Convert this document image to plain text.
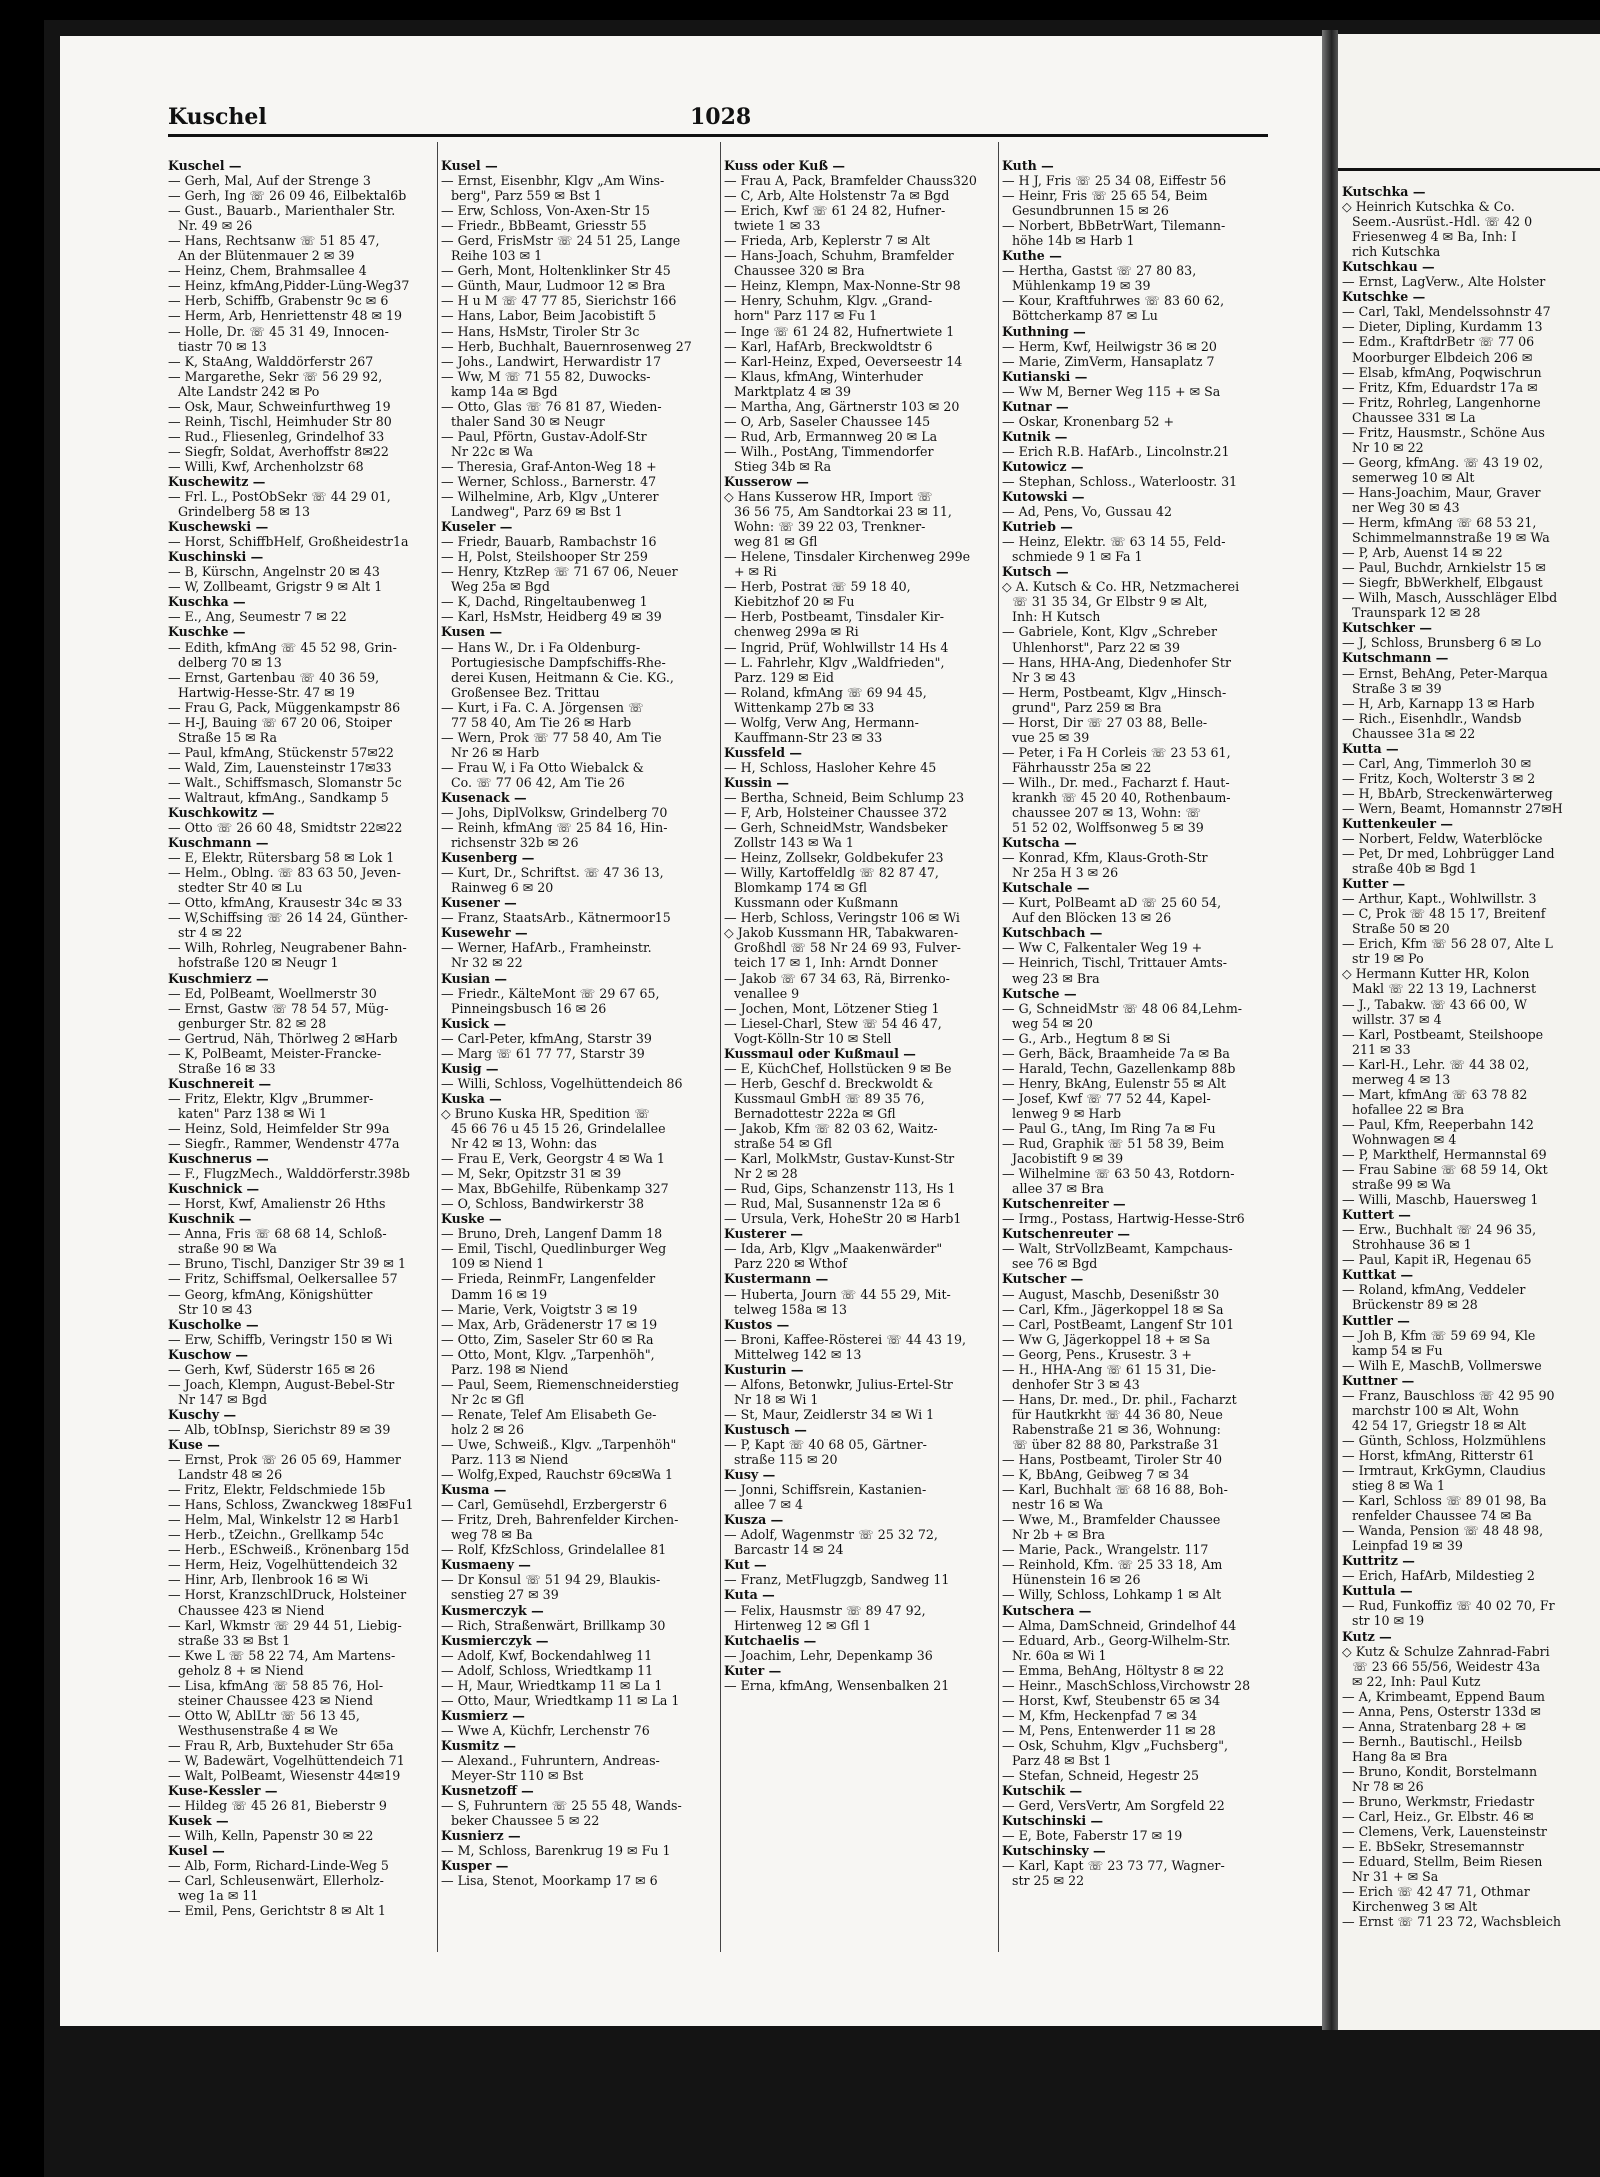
Kuschel	1028
Kuschel —
— Gerh, Mal, Auf der Strenge 3
— Gerh, Ing ☏ 26 09 46, Eilbektal6b
— Gust., Bauarb., Marienthaler Str.
Nr. 49 ✉ 26
— Hans, Rechtsanw ☏ 51 85 47,
An der Blütenmauer 2 ✉ 39
— Heinz, Chem, Brahmsallee 4
— Heinz, kfmAng,Pidder-Lüng-Weg37
— Herb, Schiffb, Grabenstr 9c ✉ 6
— Herm, Arb, Henriettenstr 48 ✉ 19
— Holle, Dr. ☏ 45 31 49, Innocen-
tiastr 70 ✉ 13
— K, StaAng, Walddörferstr 267
— Margarethe, Sekr ☏ 56 29 92,
Alte Landstr 242 ✉ Po
— Osk, Maur, Schweinfurthweg 19
— Reinh, Tischl, Heimhuder Str 80
— Rud., Fliesenleg, Grindelhof 33
— Siegfr, Soldat, Averhoffstr 8✉22
— Willi, Kwf, Archenholzstr 68
Kuschewitz —
— Frl. L., PostObSekr ☏ 44 29 01,
Grindelberg 58 ✉ 13
Kuschewski —
— Horst, SchiffbHelf, Großheidestr1a
Kuschinski —
— B, Kürschn, Angelnstr 20 ✉ 43
— W, Zollbeamt, Grigstr 9 ✉ Alt 1
Kuschka —
— E., Ang, Seumestr 7 ✉ 22
Kuschke —
— Edith, kfmAng ☏ 45 52 98, Grin-
delberg 70 ✉ 13
— Ernst, Gartenbau ☏ 40 36 59,
Hartwig-Hesse-Str. 47 ✉ 19
— Frau G, Pack, Müggenkampstr 86
— H-J, Bauing ☏ 67 20 06, Stoiper
Straße 15 ✉ Ra
— Paul, kfmAng, Stückenstr 57✉22
— Wald, Zim, Lauensteinstr 17✉33
— Walt., Schiffsmasch, Slomanstr 5c
— Waltraut, kfmAng., Sandkamp 5
Kuschkowitz —
— Otto ☏ 26 60 48, Smidtstr 22✉22
Kuschmann —
— E, Elektr, Rütersbarg 58 ✉ Lok 1
— Helm., Oblng. ☏ 83 63 50, Jeven-
stedter Str 40 ✉ Lu
— Otto, kfmAng, Krausestr 34c ✉ 33
— W,Schiffsing ☏ 26 14 24, Günther-
str 4 ✉ 22
— Wilh, Rohrleg, Neugrabener Bahn-
hofstraße 120 ✉ Neugr 1
Kuschmierz —
— Ed, PolBeamt, Woellmerstr 30
— Ernst, Gastw ☏ 78 54 57, Müg-
genburger Str. 82 ✉ 28
— Gertrud, Näh, Thörlweg 2 ✉Harb
— K, PolBeamt, Meister-Francke-
Straße 16 ✉ 33
Kuschnereit —
— Fritz, Elektr, Klgv „Brummer-
katen" Parz 138 ✉ Wi 1
— Heinz, Sold, Heimfelder Str 99a
— Siegfr., Rammer, Wendenstr 477a
Kuschnerus —
— F., FlugzMech., Walddörferstr.398b
Kuschnick —
— Horst, Kwf, Amalienstr 26 Hths
Kuschnik —
— Anna, Fris ☏ 68 68 14, Schloß-
straße 90 ✉ Wa
— Bruno, Tischl, Danziger Str 39 ✉ 1
— Fritz, Schiffsmal, Oelkersallee 57
— Georg, kfmAng, Königshütter
Str 10 ✉ 43
Kuscholke —
— Erw, Schiffb, Veringstr 150 ✉ Wi
Kuschow —
— Gerh, Kwf, Süderstr 165 ✉ 26
— Joach, Klempn, August-Bebel-Str
Nr 147 ✉ Bgd
Kuschy —
— Alb, tObInsp, Sierichstr 89 ✉ 39
Kuse —
— Ernst, Prok ☏ 26 05 69, Hammer
Landstr 48 ✉ 26
— Fritz, Elektr, Feldschmiede 15b
— Hans, Schloss, Zwanckweg 18✉Fu1
— Helm, Mal, Winkelstr 12 ✉ Harb1
— Herb., tZeichn., Grellkamp 54c
— Herb., ESchweiß., Krönenbarg 15d
— Herm, Heiz, Vogelhüttendeich 32
— Hinr, Arb, Ilenbrook 16 ✉ Wi
— Horst, KranzschlDruck, Holsteiner
Chaussee 423 ✉ Niend
— Karl, Wkmstr ☏ 29 44 51, Liebig-
straße 33 ✉ Bst 1
— Kwe L ☏ 58 22 74, Am Martens-
geholz 8 + ✉ Niend
— Lisa, kfmAng ☏ 58 85 76, Hol-
steiner Chaussee 423 ✉ Niend
— Otto W, AblLtr ☏ 56 13 45,
Westhusenstraße 4 ✉ We
— Frau R, Arb, Buxtehuder Str 65a
— W, Badewärt, Vogelhüttendeich 71
— Walt, PolBeamt, Wiesenstr 44✉19
Kuse-Kessler —
— Hildeg ☏ 45 26 81, Bieberstr 9
Kusek —
— Wilh, Kelln, Papenstr 30 ✉ 22
Kusel —
— Alb, Form, Richard-Linde-Weg 5
— Carl, Schleusenwärt, Ellerholz-
weg 1a ✉ 11
— Emil, Pens, Gerichtstr 8 ✉ Alt 1
Kusel —
— Ernst, Eisenbhr, Klgv „Am Wins-
berg", Parz 559 ✉ Bst 1
— Erw, Schloss, Von-Axen-Str 15
— Friedr., BbBeamt, Griesstr 55
— Gerd, FrisMstr ☏ 24 51 25, Lange
Reihe 103 ✉ 1
— Gerh, Mont, Holtenklinker Str 45
— Günth, Maur, Ludmoor 12 ✉ Bra
— H u M ☏ 47 77 85, Sierichstr 166
— Hans, Labor, Beim Jacobistift 5
— Hans, HsMstr, Tiroler Str 3c
— Herb, Buchhalt, Bauernrosenweg 27
— Johs., Landwirt, Herwardistr 17
— Ww, M ☏ 71 55 82, Duwocks-
kamp 14a ✉ Bgd
— Otto, Glas ☏ 76 81 87, Wieden-
thaler Sand 30 ✉ Neugr
— Paul, Pförtn, Gustav-Adolf-Str
Nr 22c ✉ Wa
— Theresia, Graf-Anton-Weg 18 +
— Werner, Schloss., Barnerstr. 47
— Wilhelmine, Arb, Klgv „Unterer
Landweg", Parz 69 ✉ Bst 1
Kuseler —
— Friedr, Bauarb, Rambachstr 16
— H, Polst, Steilshooper Str 259
— Henry, KtzRep ☏ 71 67 06, Neuer
Weg 25a ✉ Bgd
— K, Dachd, Ringeltaubenweg 1
— Karl, HsMstr, Heidberg 49 ✉ 39
Kusen —
— Hans W., Dr. i Fa Oldenburg-
Portugiesische Dampfschiffs-Rhe-
derei Kusen, Heitmann & Cie. KG.,
Großensee Bez. Trittau
— Kurt, i Fa. C. A. Jörgensen ☏
77 58 40, Am Tie 26 ✉ Harb
— Wern, Prok ☏ 77 58 40, Am Tie
Nr 26 ✉ Harb
— Frau W, i Fa Otto Wiebalck &
Co. ☏ 77 06 42, Am Tie 26
Kusenack —
— Johs, DiplVolksw, Grindelberg 70
— Reinh, kfmAng ☏ 25 84 16, Hin-
richsenstr 32b ✉ 26
Kusenberg —
— Kurt, Dr., Schriftst. ☏ 47 36 13,
Rainweg 6 ✉ 20
Kusener —
— Franz, StaatsArb., Kätnermoor15
Kusewehr —
— Werner, HafArb., Framheinstr.
Nr 32 ✉ 22
Kusian —
— Friedr., KälteMont ☏ 29 67 65,
Pinneingsbusch 16 ✉ 26
Kusick —
— Carl-Peter, kfmAng, Starstr 39
— Marg ☏ 61 77 77, Starstr 39
Kusig —
— Willi, Schloss, Vogelhüttendeich 86
Kuska —
◇ Bruno Kuska HR, Spedition ☏
45 66 76 u 45 15 26, Grindelallee
Nr 42 ✉ 13, Wohn: das
— Frau E, Verk, Georgstr 4 ✉ Wa 1
— M, Sekr, Opitzstr 31 ✉ 39
— Max, BbGehilfe, Rübenkamp 327
— O, Schloss, Bandwirkerstr 38
Kuske —
— Bruno, Dreh, Langenf Damm 18
— Emil, Tischl, Quedlinburger Weg
109 ✉ Niend 1
— Frieda, ReinmFr, Langenfelder
Damm 16 ✉ 19
— Marie, Verk, Voigtstr 3 ✉ 19
— Max, Arb, Grädenerstr 17 ✉ 19
— Otto, Zim, Saseler Str 60 ✉ Ra
— Otto, Mont, Klgv. „Tarpenhöh",
Parz. 198 ✉ Niend
— Paul, Seem, Riemenschneiderstieg
Nr 2c ✉ Gfl
— Renate, Telef Am Elisabeth Ge-
holz 2 ✉ 26
— Uwe, Schweiß., Klgv. „Tarpenhöh"
Parz. 113 ✉ Niend
— Wolfg,Exped, Rauchstr 69c✉Wa 1
Kusma —
— Carl, Gemüsehdl, Erzbergerstr 6
— Fritz, Dreh, Bahrenfelder Kirchen-
weg 78 ✉ Ba
— Rolf, KfzSchloss, Grindelallee 81
Kusmaeny —
— Dr Konsul ☏ 51 94 29, Blaukis-
senstieg 27 ✉ 39
Kusmerczyk —
— Rich, Straßenwärt, Brillkamp 30
Kusmierczyk —
— Adolf, Kwf, Bockendahlweg 11
— Adolf, Schloss, Wriedtkamp 11
— H, Maur, Wriedtkamp 11 ✉ La 1
— Otto, Maur, Wriedtkamp 11 ✉ La 1
Kusmierz —
— Wwe A, Küchfr, Lerchenstr 76
Kusmitz —
— Alexand., Fuhruntern, Andreas-
Meyer-Str 110 ✉ Bst
Kusnetzoff —
— S, Fuhruntern ☏ 25 55 48, Wands-
beker Chaussee 5 ✉ 22
Kusnierz —
— M, Schloss, Barenkrug 19 ✉ Fu 1
Kusper —
— Lisa, Stenot, Moorkamp 17 ✉ 6
Kuss oder Kuß —
— Frau A, Pack, Bramfelder Chauss320
— C, Arb, Alte Holstenstr 7a ✉ Bgd
— Erich, Kwf ☏ 61 24 82, Hufner-
twiete 1 ✉ 33
— Frieda, Arb, Keplerstr 7 ✉ Alt
— Hans-Joach, Schuhm, Bramfelder
Chaussee 320 ✉ Bra
— Heinz, Klempn, Max-Nonne-Str 98
— Henry, Schuhm, Klgv. „Grand-
horn" Parz 117 ✉ Fu 1
— Inge ☏ 61 24 82, Hufnertwiete 1
— Karl, HafArb, Breckwoldtstr 6
— Karl-Heinz, Exped, Oeverseestr 14
— Klaus, kfmAng, Winterhuder
Marktplatz 4 ✉ 39
— Martha, Ang, Gärtnerstr 103 ✉ 20
— O, Arb, Saseler Chaussee 145
— Rud, Arb, Ermannweg 20 ✉ La
— Wilh., PostAng, Timmendorfer
Stieg 34b ✉ Ra
Kusserow —
◇ Hans Kusserow HR, Import ☏
36 56 75, Am Sandtorkai 23 ✉ 11,
Wohn: ☏ 39 22 03, Trenkner-
weg 81 ✉ Gfl
— Helene, Tinsdaler Kirchenweg 299e
+ ✉ Ri
— Herb, Postrat ☏ 59 18 40,
Kiebitzhof 20 ✉ Fu
— Herb, Postbeamt, Tinsdaler Kir-
chenweg 299a ✉ Ri
— Ingrid, Prüf, Wohlwillstr 14 Hs 4
— L. Fahrlehr, Klgv „Waldfrieden",
Parz. 129 ✉ Eid
— Roland, kfmAng ☏ 69 94 45,
Wittenkamp 27b ✉ 33
— Wolfg, Verw Ang, Hermann-
Kauffmann-Str 23 ✉ 33
Kussfeld —
— H, Schloss, Hasloher Kehre 45
Kussin —
— Bertha, Schneid, Beim Schlump 23
— F, Arb, Holsteiner Chaussee 372
— Gerh, SchneidMstr, Wandsbeker
Zollstr 143 ✉ Wa 1
— Heinz, Zollsekr, Goldbekufer 23
— Willy, Kartoffeldlg ☏ 82 87 47,
Blomkamp 174 ✉ Gfl
Kussmann oder Kußmann
— Herb, Schloss, Veringstr 106 ✉ Wi
◇ Jakob Kussmann HR, Tabakwaren-
Großhdl ☏ 58 Nr 24 69 93, Fulver-
teich 17 ✉ 1, Inh: Arndt Donner
— Jakob ☏ 67 34 63, Rä, Birrenko-
venallee 9
— Jochen, Mont, Lötzener Stieg 1
— Liesel-Charl, Stew ☏ 54 46 47,
Vogt-Kölln-Str 10 ✉ Stell
Kussmaul oder Kußmaul —
— E, KüchChef, Hollstücken 9 ✉ Be
— Herb, Geschf d. Breckwoldt &
Kussmaul GmbH ☏ 89 35 76,
Bernadottestr 222a ✉ Gfl
— Jakob, Kfm ☏ 82 03 62, Waitz-
straße 54 ✉ Gfl
— Karl, MolkMstr, Gustav-Kunst-Str
Nr 2 ✉ 28
— Rud, Gips, Schanzenstr 113, Hs 1
— Rud, Mal, Susannenstr 12a ✉ 6
— Ursula, Verk, HoheStr 20 ✉ Harb1
Kusterer —
— Ida, Arb, Klgv „Maakenwärder"
Parz 220 ✉ Wthof
Kustermann —
— Huberta, Journ ☏ 44 55 29, Mit-
telweg 158a ✉ 13
Kustos —
— Broni, Kaffee-Rösterei ☏ 44 43 19,
Mittelweg 142 ✉ 13
Kusturin —
— Alfons, Betonwkr, Julius-Ertel-Str
Nr 18 ✉ Wi 1
— St, Maur, Zeidlerstr 34 ✉ Wi 1
Kustusch —
— P, Kapt ☏ 40 68 05, Gärtner-
straße 115 ✉ 20
Kusy —
— Jonni, Schiffsrein, Kastanien-
allee 7 ✉ 4
Kusza —
— Adolf, Wagenmstr ☏ 25 32 72,
Barcastr 14 ✉ 24
Kut —
— Franz, MetFlugzgb, Sandweg 11
Kuta —
— Felix, Hausmstr ☏ 89 47 92,
Hirtenweg 12 ✉ Gfl 1
Kutchaelis —
— Joachim, Lehr, Depenkamp 36
Kuter —
— Erna, kfmAng, Wensenbalken 21
Kuth —
— H J, Fris ☏ 25 34 08, Eiffestr 56
— Heinr, Fris ☏ 25 65 54, Beim
Gesundbrunnen 15 ✉ 26
— Norbert, BbBetrWart, Tilemann-
höhe 14b ✉ Harb 1
Kuthe —
— Hertha, Gastst ☏ 27 80 83,
Mühlenkamp 19 ✉ 39
— Kour, Kraftfuhrwes ☏ 83 60 62,
Böttcherkamp 87 ✉ Lu
Kuthning —
— Herm, Kwf, Heilwigstr 36 ✉ 20
— Marie, ZimVerm, Hansaplatz 7
Kutianski —
— Ww M, Berner Weg 115 + ✉ Sa
Kutnar —
— Oskar, Kronenbarg 52 +
Kutnik —
— Erich R.B. HafArb., Lincolnstr.21
Kutowicz —
— Stephan, Schloss., Waterloostr. 31
Kutowski —
— Ad, Pens, Vo, Gussau 42
Kutrieb —
— Heinz, Elektr. ☏ 63 14 55, Feld-
schmiede 9 1 ✉ Fa 1
Kutsch —
◇ A. Kutsch & Co. HR, Netzmacherei
☏ 31 35 34, Gr Elbstr 9 ✉ Alt,
Inh: H Kutsch
— Gabriele, Kont, Klgv „Schreber
Uhlenhorst", Parz 22 ✉ 39
— Hans, HHA-Ang, Diedenhofer Str
Nr 3 ✉ 43
— Herm, Postbeamt, Klgv „Hinsch-
grund", Parz 259 ✉ Bra
— Horst, Dir ☏ 27 03 88, Belle-
vue 25 ✉ 39
— Peter, i Fa H Corleis ☏ 23 53 61,
Fährhausstr 25a ✉ 22
— Wilh., Dr. med., Facharzt f. Haut-
krankh ☏ 45 20 40, Rothenbaum-
chaussee 207 ✉ 13, Wohn: ☏
51 52 02, Wolffsonweg 5 ✉ 39
Kutscha —
— Konrad, Kfm, Klaus-Groth-Str
Nr 25a H 3 ✉ 26
Kutschale —
— Kurt, PolBeamt aD ☏ 25 60 54,
Auf den Blöcken 13 ✉ 26
Kutschbach —
— Ww C, Falkentaler Weg 19 +
— Heinrich, Tischl, Trittauer Amts-
weg 23 ✉ Bra
Kutsche —
— G, SchneidMstr ☏ 48 06 84,Lehm-
weg 54 ✉ 20
— G., Arb., Hegtum 8 ✉ Si
— Gerh, Bäck, Braamheide 7a ✉ Ba
— Harald, Techn, Gazellenkamp 88b
— Henry, BkAng, Eulenstr 55 ✉ Alt
— Josef, Kwf ☏ 77 52 44, Kapel-
lenweg 9 ✉ Harb
— Paul G., tAng, Im Ring 7a ✉ Fu
— Rud, Graphik ☏ 51 58 39, Beim
Jacobistift 9 ✉ 39
— Wilhelmine ☏ 63 50 43, Rotdorn-
allee 37 ✉ Bra
Kutschenreiter —
— Irmg., Postass, Hartwig-Hesse-Str6
Kutschenreuter —
— Walt, StrVollzBeamt, Kampchaus-
see 76 ✉ Bgd
Kutscher —
— August, Maschb, Desenißstr 30
— Carl, Kfm., Jägerkoppel 18 ✉ Sa
— Carl, PostBeamt, Langenf Str 101
— Ww G, Jägerkoppel 18 + ✉ Sa
— Georg, Pens., Krusestr. 3 +
— H., HHA-Ang ☏ 61 15 31, Die-
denhofer Str 3 ✉ 43
— Hans, Dr. med., Dr. phil., Facharzt
für Hautkrkht ☏ 44 36 80, Neue
Rabenstraße 21 ✉ 36, Wohnung:
☏ über 82 88 80, Parkstraße 31
— Hans, Postbeamt, Tiroler Str 40
— K, BbAng, Geibweg 7 ✉ 34
— Karl, Buchhalt ☏ 68 16 88, Boh-
nestr 16 ✉ Wa
— Wwe, M., Bramfelder Chaussee
Nr 2b + ✉ Bra
— Marie, Pack., Wrangelstr. 117
— Reinhold, Kfm. ☏ 25 33 18, Am
Hünenstein 16 ✉ 26
— Willy, Schloss, Lohkamp 1 ✉ Alt
Kutschera —
— Alma, DamSchneid, Grindelhof 44
— Eduard, Arb., Georg-Wilhelm-Str.
Nr. 60a ✉ Wi 1
— Emma, BehAng, Höltystr 8 ✉ 22
— Heinr., MaschSchloss,Virchowstr 28
— Horst, Kwf, Steubenstr 65 ✉ 34
— M, Kfm, Heckenpfad 7 ✉ 34
— M, Pens, Entenwerder 11 ✉ 28
— Osk, Schuhm, Klgv „Fuchsberg",
Parz 48 ✉ Bst 1
— Stefan, Schneid, Hegestr 25
Kutschik —
— Gerd, VersVertr, Am Sorgfeld 22
Kutschinski —
— E, Bote, Faberstr 17 ✉ 19
Kutschinsky —
— Karl, Kapt ☏ 23 73 77, Wagner-
str 25 ✉ 22
Kutschka —
◇ Heinrich Kutschka & Co.
Seem.-Ausrüst.-Hdl. ☏ 42 0
Friesenweg 4 ✉ Ba, Inh: I
rich Kutschka
Kutschkau —
— Ernst, LagVerw., Alte Holster
Kutschke —
— Carl, Takl, Mendelssohnstr 47
— Dieter, Dipling, Kurdamm 13
— Edm., KraftdrBetr ☏ 77 06
Moorburger Elbdeich 206 ✉
— Elsab, kfmAng, Poqwischrun
— Fritz, Kfm, Eduardstr 17a ✉
— Fritz, Rohrleg, Langenhorne
Chaussee 331 ✉ La
— Fritz, Hausmstr., Schöne Aus
Nr 10 ✉ 22
— Georg, kfmAng. ☏ 43 19 02,
semerweg 10 ✉ Alt
— Hans-Joachim, Maur, Graver
ner Weg 30 ✉ 43
— Herm, kfmAng ☏ 68 53 21,
Schimmelmannstraße 19 ✉ Wa
— P, Arb, Auenst 14 ✉ 22
— Paul, Buchdr, Arnkielstr 15 ✉
— Siegfr, BbWerkhelf, Elbgaust
— Wilh, Masch, Ausschläger Elbd
Traunspark 12 ✉ 28
Kutschker —
— J, Schloss, Brunsberg 6 ✉ Lo
Kutschmann —
— Ernst, BehAng, Peter-Marqua
Straße 3 ✉ 39
— H, Arb, Karnapp 13 ✉ Harb
— Rich., Eisenhdlr., Wandsb
Chaussee 31a ✉ 22
Kutta —
— Carl, Ang, Timmerloh 30 ✉
— Fritz, Koch, Wolterstr 3 ✉ 2
— H, BbArb, Streckenwärterweg
— Wern, Beamt, Homannstr 27✉H
Kuttenkeuler —
— Norbert, Feldw, Waterblöcke
— Pet, Dr med, Lohbrügger Land
straße 40b ✉ Bgd 1
Kutter —
— Arthur, Kapt., Wohlwillstr. 3
— C, Prok ☏ 48 15 17, Breitenf
Straße 50 ✉ 20
— Erich, Kfm ☏ 56 28 07, Alte L
str 19 ✉ Po
◇ Hermann Kutter HR, Kolon
Makl ☏ 22 13 19, Lachnerst
— J., Tabakw. ☏ 43 66 00, W
willstr. 37 ✉ 4
— Karl, Postbeamt, Steilshoope
211 ✉ 33
— Karl-H., Lehr. ☏ 44 38 02,
merweg 4 ✉ 13
— Mart, kfmAng ☏ 63 78 82
hofallee 22 ✉ Bra
— Paul, Kfm, Reeperbahn 142
Wohnwagen ✉ 4
— P, Markthelf, Hermannstal 69
— Frau Sabine ☏ 68 59 14, Okt
straße 99 ✉ Wa
— Willi, Maschb, Hauersweg 1
Kuttert —
— Erw., Buchhalt ☏ 24 96 35,
Strohhause 36 ✉ 1
— Paul, Kapit iR, Hegenau 65
Kuttkat —
— Roland, kfmAng, Veddeler
Brückenstr 89 ✉ 28
Kuttler —
— Joh B, Kfm ☏ 59 69 94, Kle
kamp 54 ✉ Fu
— Wilh E, MaschB, Vollmerswe
Kuttner —
— Franz, Bauschloss ☏ 42 95 90
marchstr 100 ✉ Alt, Wohn
42 54 17, Griegstr 18 ✉ Alt
— Günth, Schloss, Holzmühlens
— Horst, kfmAng, Ritterstr 61
— Irmtraut, KrkGymn, Claudius
stieg 8 ✉ Wa 1
— Karl, Schloss ☏ 89 01 98, Ba
renfelder Chaussee 74 ✉ Ba
— Wanda, Pension ☏ 48 48 98,
Leinpfad 19 ✉ 39
Kuttritz —
— Erich, HafArb, Mildestieg 2
Kuttula —
— Rud, Funkoffiz ☏ 40 02 70, Fr
str 10 ✉ 19
Kutz —
◇ Kutz & Schulze Zahnrad-Fabri
☏ 23 66 55/56, Weidestr 43a
✉ 22, Inh: Paul Kutz
— A, Krimbeamt, Eppend Baum
— Anna, Pens, Osterstr 133d ✉
— Anna, Stratenbarg 28 + ✉
— Bernh., Bautischl., Heilsb
Hang 8a ✉ Bra
— Bruno, Kondit, Borstelmann
Nr 78 ✉ 26
— Bruno, Werkmstr, Friedastr
— Carl, Heiz., Gr. Elbstr. 46 ✉
— Clemens, Verk, Lauensteinstr
— E. BbSekr, Stresemannstr
— Eduard, Stellm, Beim Riesen
Nr 31 + ✉ Sa
— Erich ☏ 42 47 71, Othmar
Kirchenweg 3 ✉ Alt
— Ernst ☏ 71 23 72, Wachsbleich
